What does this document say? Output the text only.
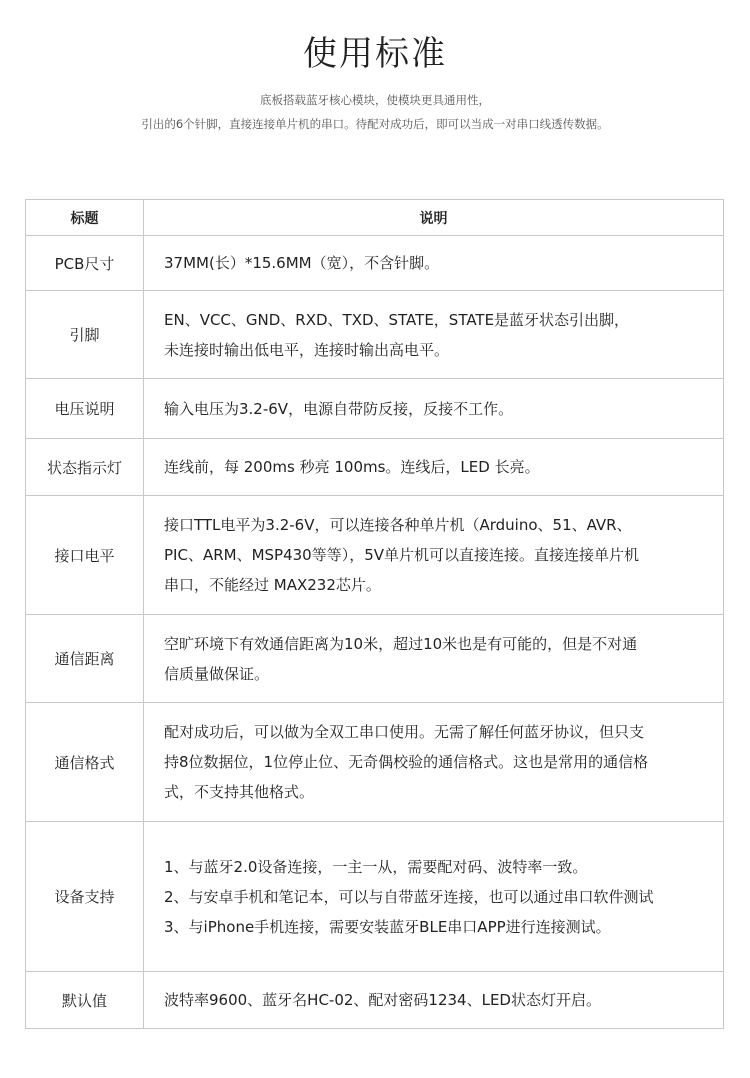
使用标准
底板搭载蓝牙核心模块，使模块更具通用性，
引出的6个针脚，直接连接单片机的串口。待配对成功后，即可以当成一对串口线透传数据。
标题	说明
PCB尺寸	37MM(长）*15.6MM（宽），不含针脚。

引脚	EN、VCC、GND、RXD、TXD、STATE，STATE是蓝牙状态引出脚，
未连接时输出低电平，连接时输出高电平。

电压说明	输入电压为3.2-6V，电源自带防反接，反接不工作。

状态指示灯	连线前，每 200ms 秒亮 100ms。连线后，LED 长亮。

接口电平	接口TTL电平为3.2-6V，可以连接各种单片机（Arduino、51、AVR、
PIC、ARM、MSP430等等），5V单片机可以直接连接。直接连接单片机
串口，不能经过 MAX232芯片。

通信距离	空旷环境下有效通信距离为10米，超过10米也是有可能的，但是不对通
信质量做保证。

通信格式	配对成功后，可以做为全双工串口使用。无需了解任何蓝牙协议，但只支
持8位数据位，1位停止位、无奇偶校验的通信格式。这也是常用的通信格
式，不支持其他格式。

设备支持	1、与蓝牙2.0设备连接，一主一从，需要配对码、波特率一致。
2、与安卓手机和笔记本，可以与自带蓝牙连接，也可以通过串口软件测试
3、与iPhone手机连接，需要安装蓝牙BLE串口APP进行连接测试。

默认值	波特率9600、蓝牙名HC-02、配对密码1234、LED状态灯开启。
